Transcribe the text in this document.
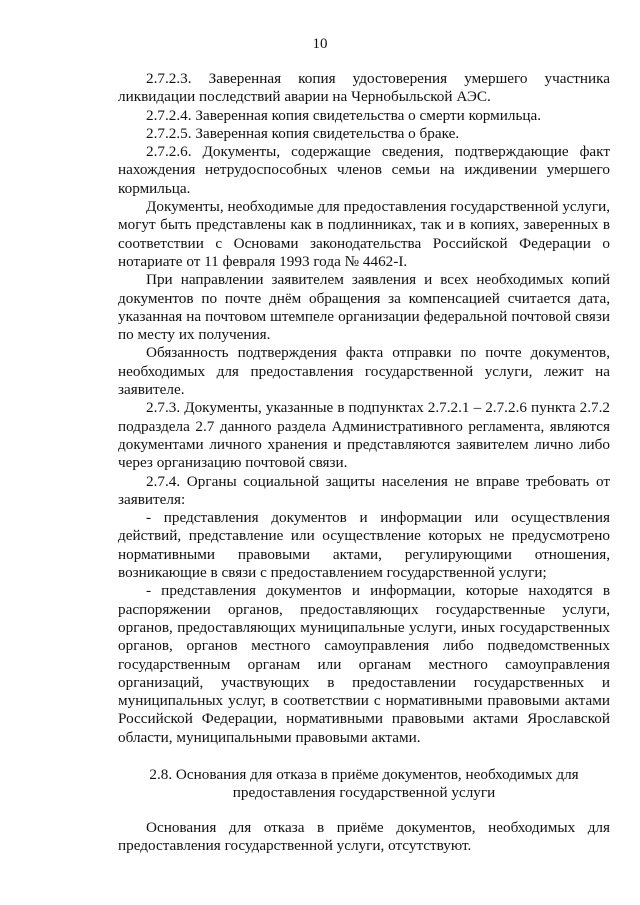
10

2.7.2.3. Заверенная копия удостоверения умершего участника ликвидации последствий аварии на Чернобыльской АЭС.

2.7.2.4. Заверенная копия свидетельства о смерти кормильца.

2.7.2.5. Заверенная копия свидетельства о браке.

2.7.2.6. Документы, содержащие сведения, подтверждающие факт нахождения нетрудоспособных членов семьи на иждивении умершего кормильца.

Документы, необходимые для предоставления государственной услуги, могут быть представлены как в подлинниках, так и в копиях, заверенных в соответствии с Основами законодательства Российской Федерации о нотариате от 11 февраля 1993 года № 4462-I.

При направлении заявителем заявления и всех необходимых копий документов по почте днём обращения за компенсацией считается дата, указанная на почтовом штемпеле организации федеральной почтовой связи по месту их получения.

Обязанность подтверждения факта отправки по почте документов, необходимых для предоставления государственной услуги, лежит на заявителе.

2.7.3. Документы, указанные в подпунктах 2.7.2.1 – 2.7.2.6 пункта 2.7.2 подраздела 2.7 данного раздела Административного регламента, являются документами личного хранения и представляются заявителем лично либо через организацию почтовой связи.

2.7.4. Органы социальной защиты населения не вправе требовать от заявителя:

- представления документов и информации или осуществления действий, представление или осуществление которых не предусмотрено нормативными правовыми актами, регулирующими отношения, возникающие в связи с предоставлением государственной услуги;

- представления документов и информации, которые находятся в распоряжении органов, предоставляющих государственные услуги, органов, предоставляющих муниципальные услуги, иных государственных органов, органов местного самоуправления либо подведомственных государственным органам или органам местного самоуправления организаций, участвующих в предоставлении государственных и муниципальных услуг, в соответствии с нормативными правовыми актами Российской Федерации, нормативными правовыми актами Ярославской области, муниципальными правовыми актами.

2.8. Основания для отказа в приёме документов, необходимых для предоставления государственной услуги

Основания для отказа в приёме документов, необходимых для предоставления государственной услуги, отсутствуют.
